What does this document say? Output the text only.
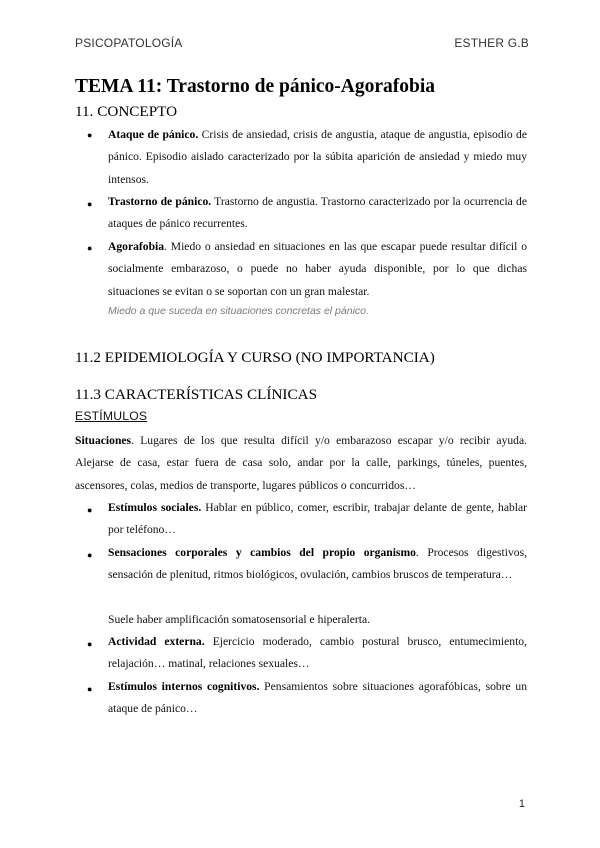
PSICOPATOLOGÍA	ESTHER G.B
TEMA 11: Trastorno de pánico-Agorafobia
11. CONCEPTO
● Ataque de pánico. Crisis de ansiedad, crisis de angustia, ataque de angustia, episodio de pánico. Episodio aislado caracterizado por la súbita aparición de ansiedad y miedo muy intensos.

● Trastorno de pánico. Trastorno de angustia. Trastorno caracterizado por la ocurrencia de ataques de pánico recurrentes.

● Agorafobia. Miedo o ansiedad en situaciones en las que escapar puede resultar difícil o socialmente embarazoso, o puede no haber ayuda disponible, por lo que dichas situaciones se evitan o se soportan con un gran malestar.

Miedo a que suceda en situaciones concretas el pánico.
11.2 EPIDEMIOLOGÍA Y CURSO (NO IMPORTANCIA)
11.3 CARACTERÍSTICAS CLÍNICAS
ESTÍMULOS

Situaciones. Lugares de los que resulta difícil y/o embarazoso escapar y/o recibir ayuda. Alejarse de casa, estar fuera de casa solo, andar por la calle, parkings, túneles, puentes, ascensores, colas, medios de transporte, lugares públicos o concurridos…

● Estímulos sociales. Hablar en público, comer, escribir, trabajar delante de gente, hablar por teléfono…

● Sensaciones corporales y cambios del propio organismo. Procesos digestivos, sensación de plenitud, ritmos biológicos, ovulación, cambios bruscos de temperatura…

Suele haber amplificación somatosensorial e hiperalerta.

● Actividad externa. Ejercicio moderado, cambio postural brusco, entumecimiento, relajación… matinal, relaciones sexuales…

● Estímulos internos cognitivos. Pensamientos sobre situaciones agorafóbicas, sobre un ataque de pánico…

1
